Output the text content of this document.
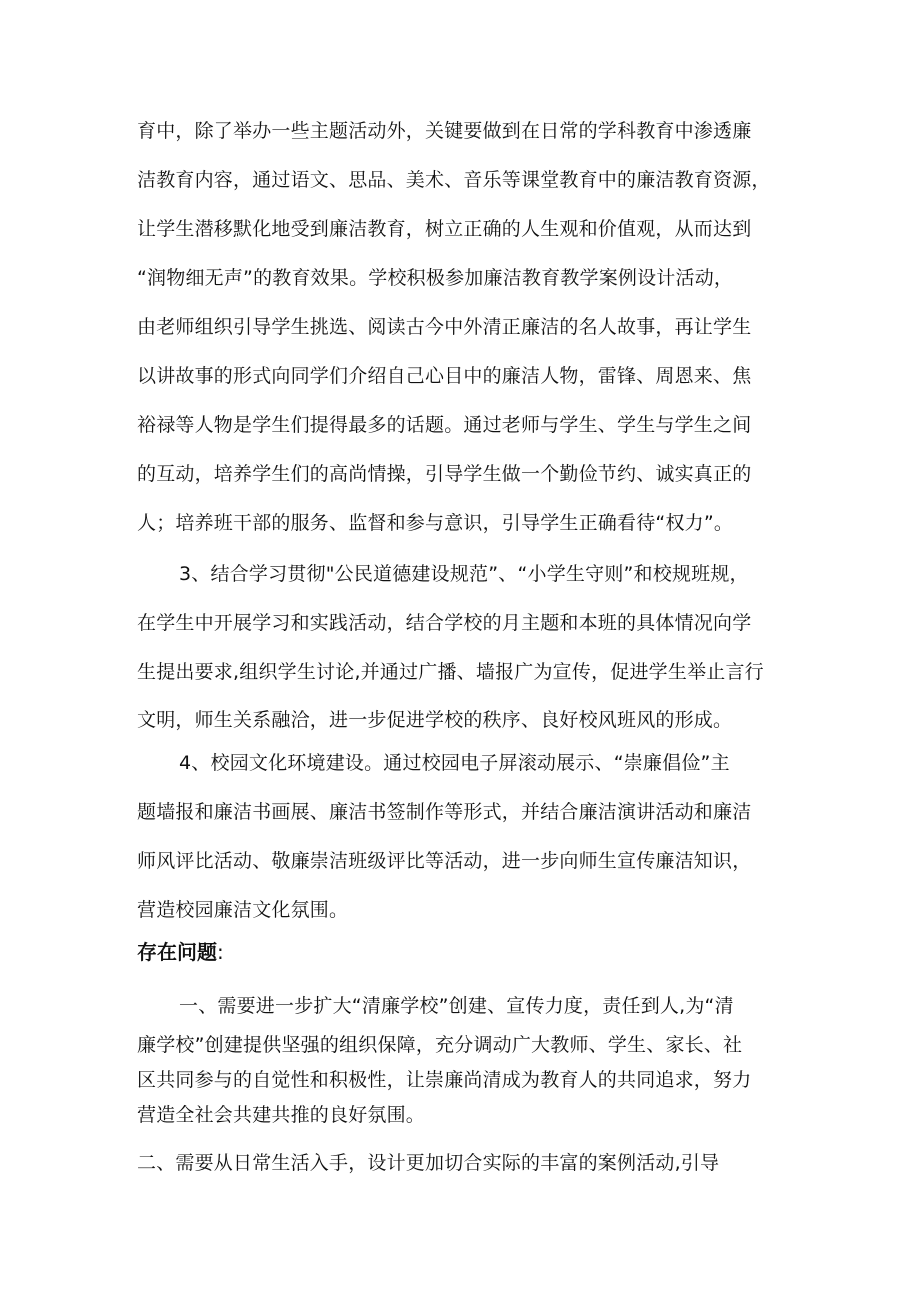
育中，除了举办一些主题活动外，关键要做到在日常的学科教育中渗透廉
洁教育内容，通过语文、思品、美术、音乐等课堂教育中的廉洁教育资源，
让学生潜移默化地受到廉洁教育，树立正确的人生观和价值观，从而达到
“润物细无声”的教育效果。学校积极参加廉洁教育教学案例设计活动，
由老师组织引导学生挑选、阅读古今中外清正廉洁的名人故事，再让学生
以讲故事的形式向同学们介绍自己心目中的廉洁人物，雷锋、周恩来、焦
裕禄等人物是学生们提得最多的话题。通过老师与学生、学生与学生之间
的互动，培养学生们的高尚情操，引导学生做一个勤俭节约、诚实真正的
人；培养班干部的服务、监督和参与意识，引导学生正确看待“权力”。
3、结合学习贯彻"公民道德建设规范”、“小学生守则”和校规班规，
在学生中开展学习和实践活动，结合学校的月主题和本班的具体情况向学
生提出要求,组织学生讨论,并通过广播、墙报广为宣传，促进学生举止言行
文明，师生关系融洽，进一步促进学校的秩序、良好校风班风的形成。
4、校园文化环境建设。通过校园电子屏滚动展示、“崇廉倡俭”主
题墙报和廉洁书画展、廉洁书签制作等形式，并结合廉洁演讲活动和廉洁
师风评比活动、敬廉崇洁班级评比等活动，进一步向师生宣传廉洁知识，
营造校园廉洁文化氛围。
存在问题:
一、需要进一步扩大“清廉学校”创建、宣传力度，责任到人,为“清
廉学校”创建提供坚强的组织保障，充分调动广大教师、学生、家长、社
区共同参与的自觉性和积极性，让崇廉尚清成为教育人的共同追求，努力
营造全社会共建共推的良好氛围。
二、需要从日常生活入手，设计更加切合实际的丰富的案例活动,引导
